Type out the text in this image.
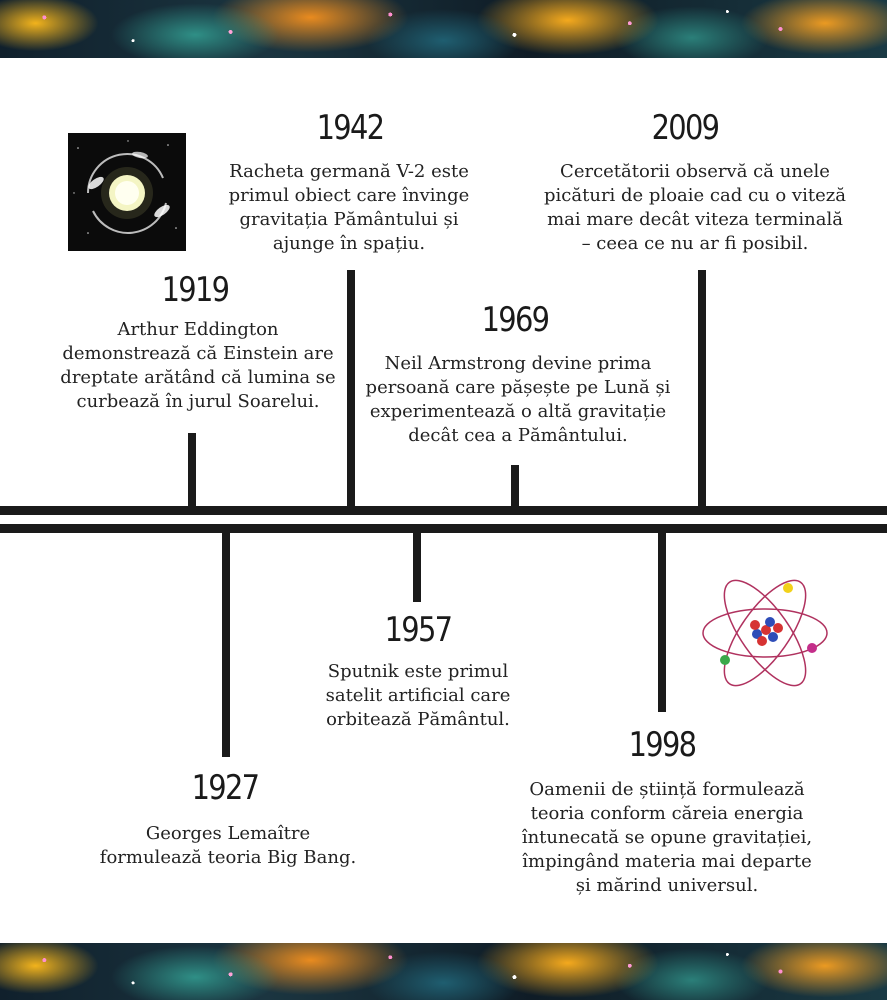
1919
Arthur Eddington demonstrează că Einstein are dreptate arătând că lumina se curbează în jurul Soarelui.
1942
Racheta germană V-2 este primul obiect care învinge gravitația Pământului și ajunge în spațiu.
1969
Neil Armstrong devine prima persoană care pășește pe Lună și experimentează o altă gravitație decât cea a Pământului.
2009
Cercetătorii observă că unele picături de ploaie cad cu o viteză mai mare decât viteza terminală – ceea ce nu ar fi posibil.
1927
Georges Lemaître formulează teoria Big Bang.
1957
Sputnik este primul satelit artificial care orbitează Pământul.
1998
Oamenii de știință formulează teoria conform căreia energia întunecată se opune gravitației, împingând materia mai departe și mărind universul.
